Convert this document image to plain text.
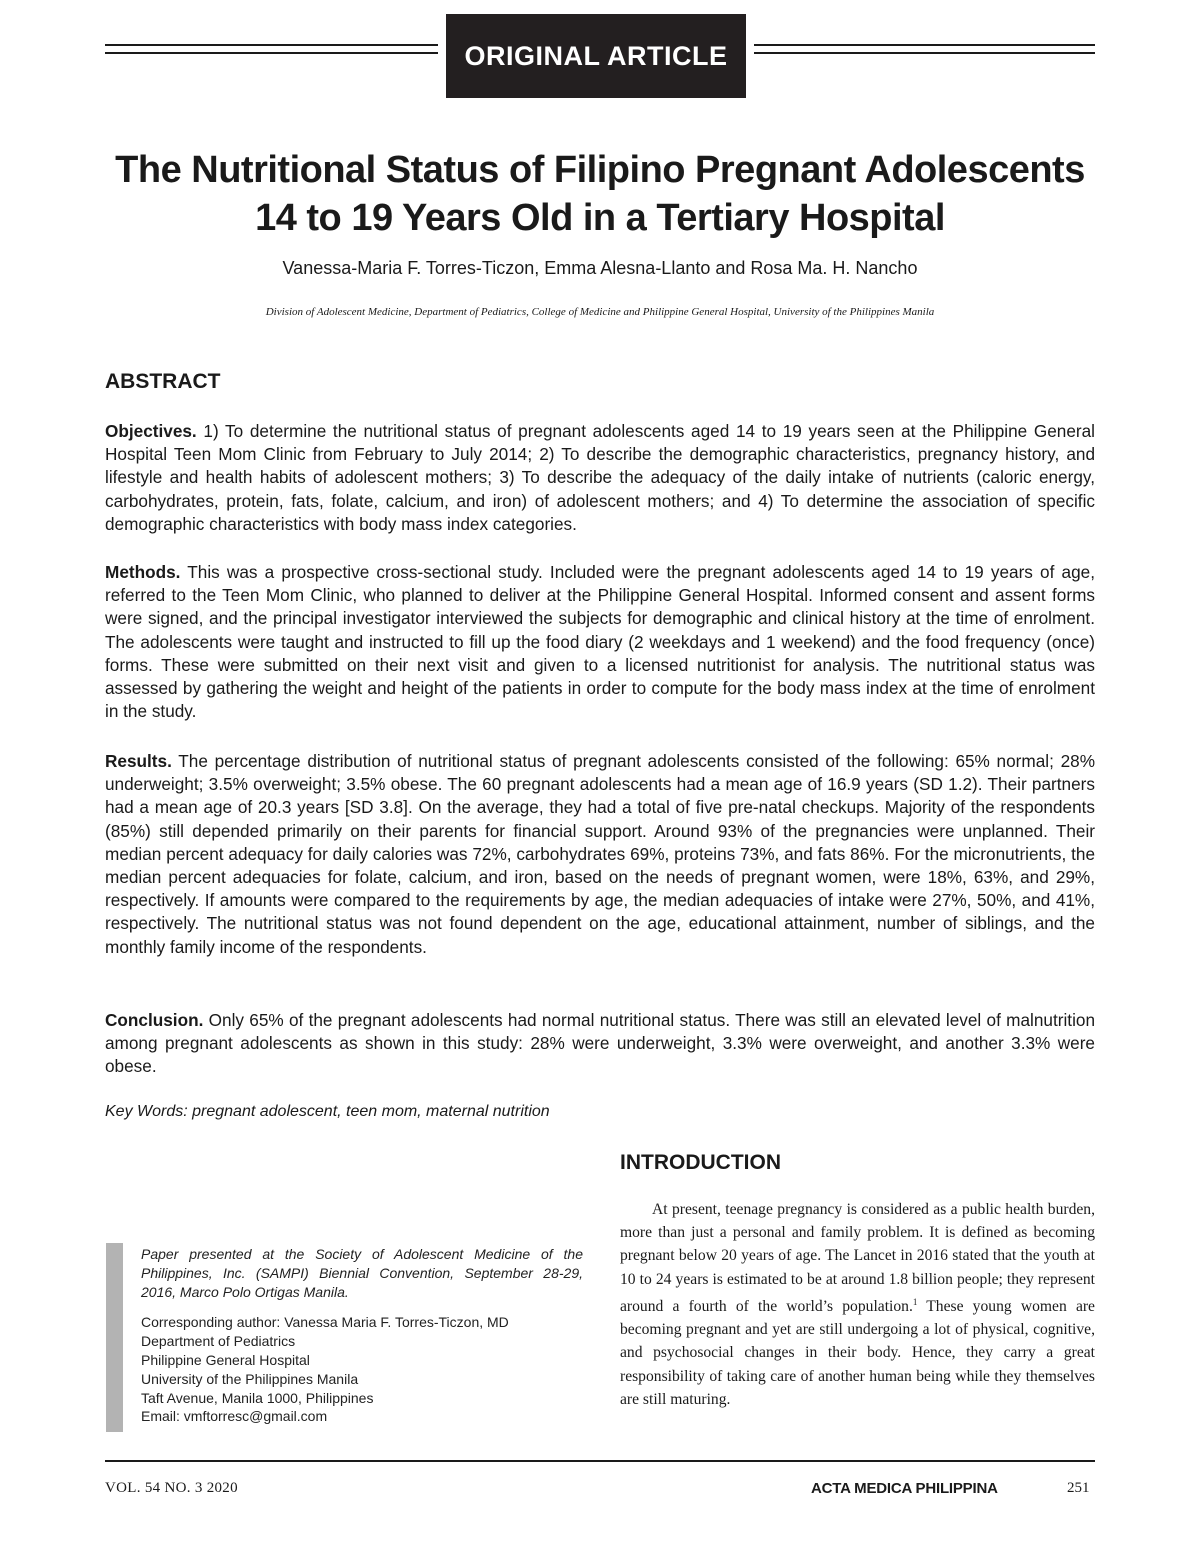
ORIGINAL ARTICLE
The Nutritional Status of Filipino Pregnant Adolescents
14 to 19 Years Old in a Tertiary Hospital

Vanessa-Maria F. Torres-Ticzon, Emma Alesna-Llanto and Rosa Ma. H. Nancho

Division of Adolescent Medicine, Department of Pediatrics, College of Medicine and Philippine General Hospital, University of the Philippines Manila

ABSTRACT

Objectives. 1) To determine the nutritional status of pregnant adolescents aged 14 to 19 years seen at the Philippine General Hospital Teen Mom Clinic from February to July 2014; 2) To describe the demographic characteristics, pregnancy history, and lifestyle and health habits of adolescent mothers; 3) To describe the adequacy of the daily intake of nutrients (caloric energy, carbohydrates, protein, fats, folate, calcium, and iron) of adolescent mothers; and 4) To determine the association of specific demographic characteristics with body mass index categories.

Methods. This was a prospective cross-sectional study. Included were the pregnant adolescents aged 14 to 19 years of age, referred to the Teen Mom Clinic, who planned to deliver at the Philippine General Hospital. Informed consent and assent forms were signed, and the principal investigator interviewed the subjects for demographic and clinical history at the time of enrolment. The adolescents were taught and instructed to fill up the food diary (2 weekdays and 1 weekend) and the food frequency (once) forms. These were submitted on their next visit and given to a licensed nutritionist for analysis. The nutritional status was assessed by gathering the weight and height of the patients in order to compute for the body mass index at the time of enrolment in the study.

Results. The percentage distribution of nutritional status of pregnant adolescents consisted of the following: 65% normal; 28% underweight; 3.5% overweight; 3.5% obese. The 60 pregnant adolescents had a mean age of 16.9 years (SD 1.2). Their partners had a mean age of 20.3 years [SD 3.8]. On the average, they had a total of five pre-natal checkups. Majority of the respondents (85%) still depended primarily on their parents for financial support. Around 93% of the pregnancies were unplanned. Their median percent adequacy for daily calories was 72%, carbohydrates 69%, proteins 73%, and fats 86%. For the micronutrients, the median percent adequacies for folate, calcium, and iron, based on the needs of pregnant women, were 18%, 63%, and 29%, respectively. If amounts were compared to the requirements by age, the median adequacies of intake were 27%, 50%, and 41%, respectively. The nutritional status was not found dependent on the age, educational attainment, number of siblings, and the monthly family income of the respondents.

Conclusion. Only 65% of the pregnant adolescents had normal nutritional status. There was still an elevated level of malnutrition among pregnant adolescents as shown in this study: 28% were underweight, 3.3% were overweight, and another 3.3% were obese.

Key Words: pregnant adolescent, teen mom, maternal nutrition

INTRODUCTION

At present, teenage pregnancy is considered as a public health burden, more than just a personal and family problem. It is defined as becoming pregnant below 20 years of age. The Lancet in 2016 stated that the youth at 10 to 24 years is estimated to be at around 1.8 billion people; they represent around a fourth of the world’s population.$^1$ These young women are becoming pregnant and yet are still undergoing a lot of physical, cognitive, and psychosocial changes in their body. Hence, they carry a great responsibility of taking care of another human being while they themselves are still maturing.

Paper presented at the Society of Adolescent Medicine of the Philippines, Inc. (SAMPI) Biennial Convention, September 28-29, 2016, Marco Polo Ortigas Manila.

Corresponding author: Vanessa Maria F. Torres-Ticzon, MD
Department of Pediatrics
Philippine General Hospital
University of the Philippines Manila
Taft Avenue, Manila 1000, Philippines
Email: vmftorresc@gmail.com

VOL. 54 NO. 3 2020	ACTA MEDICA PHILIPPINA	251
